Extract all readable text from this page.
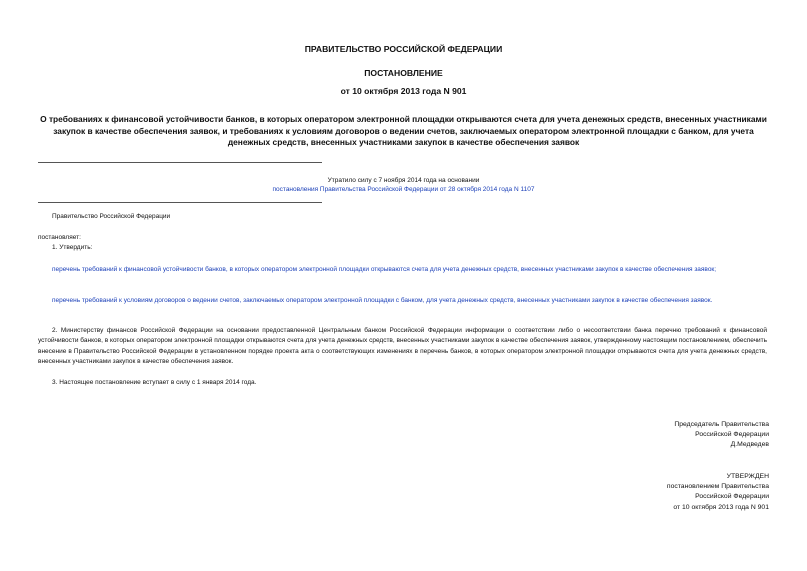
ПРАВИТЕЛЬСТВО РОССИЙСКОЙ ФЕДЕРАЦИИ
ПОСТАНОВЛЕНИЕ
от 10 октября 2013 года N 901
О требованиях к финансовой устойчивости банков, в которых оператором электронной площадки открываются счета для учета денежных средств, внесенных участниками закупок в качестве обеспечения заявок, и требованиях к условиям договоров о ведении счетов, заключаемых оператором электронной площадки с банком, для учета денежных средств, внесенных участниками закупок в качестве обеспечения заявок
Утратило силу с 7 ноября 2014 года на основании
постановления Правительства Российской Федерации от 28 октября 2014 года N 1107
Правительство Российской Федерации
постановляет:
1. Утвердить:
перечень требований к финансовой устойчивости банков, в которых оператором электронной площадки открываются счета для учета денежных средств, внесенных участниками закупок в качестве обеспечения заявок;
перечень требований к условиям договоров о ведении счетов, заключаемых оператором электронной площадки с банком, для учета денежных средств, внесенных участниками закупок в качестве обеспечения заявок.
2. Министерству финансов Российской Федерации на основании предоставленной Центральным банком Российской Федерации информации о соответствии либо о несоответствии банка перечню требований к финансовой устойчивости банков, в которых оператором электронной площадки открываются счета для учета денежных средств, внесенных участниками закупок в качестве обеспечения заявок, утвержденному настоящим постановлением, обеспечить внесение в Правительство Российской Федерации в установленном порядке проекта акта о соответствующих изменениях в перечень банков, в которых оператором электронной площадки открываются счета для учета денежных средств, внесенных участниками закупок в качестве обеспечения заявок.
3. Настоящее постановление вступает в силу с 1 января 2014 года.
Председатель Правительства
Российской Федерации
Д.Медведев
УТВЕРЖДЕН
постановлением Правительства
Российской Федерации
от 10 октября 2013 года N 901
